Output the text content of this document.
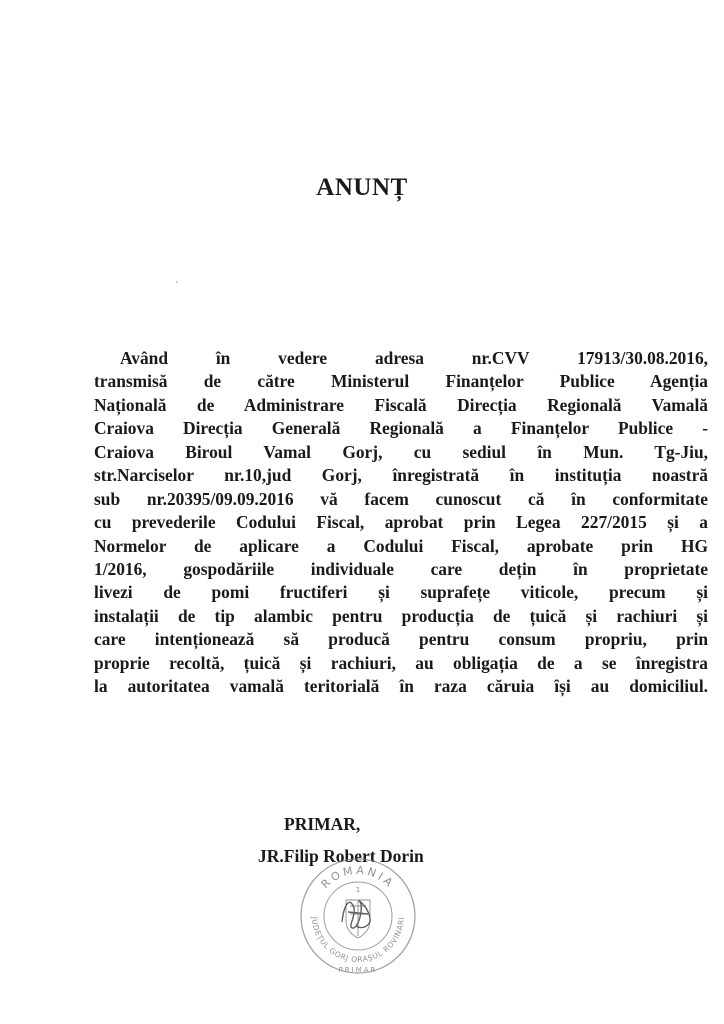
ANUNȚ
Având în vedere adresa nr.CVV 17913/30.08.2016,
transmisă de către Ministerul Finanțelor Publice Agenția
Națională de Administrare Fiscală Direcția Regională Vamală
Craiova Direcția Generală Regională a Finanțelor Publice -
Craiova Biroul Vamal Gorj, cu sediul în Mun. Tg-Jiu,
str.Narciselor nr.10,jud Gorj, înregistrată în instituția noastră
sub nr.20395/09.09.2016 vă facem cunoscut că în conformitate
cu prevederile Codului Fiscal, aprobat prin Legea 227/2015 și a
Normelor de aplicare a Codului Fiscal, aprobate prin HG
1/2016, gospodăriile individuale care dețin în proprietate
livezi de pomi fructiferi și suprafețe viticole, precum și
instalații de tip alambic pentru producția de țuică și rachiuri și
care intenționează să producă pentru consum propriu, prin
proprie recoltă, țuică și rachiuri, au obligația de a se înregistra
la autoritatea vamală teritorială în raza căruia își au domiciliul.
PRIMAR,
JR.Filip Robert Dorin
ROMANIA
JUDEȚUL GORJ ORAȘUL ROVINARI
PRIMAR
1
